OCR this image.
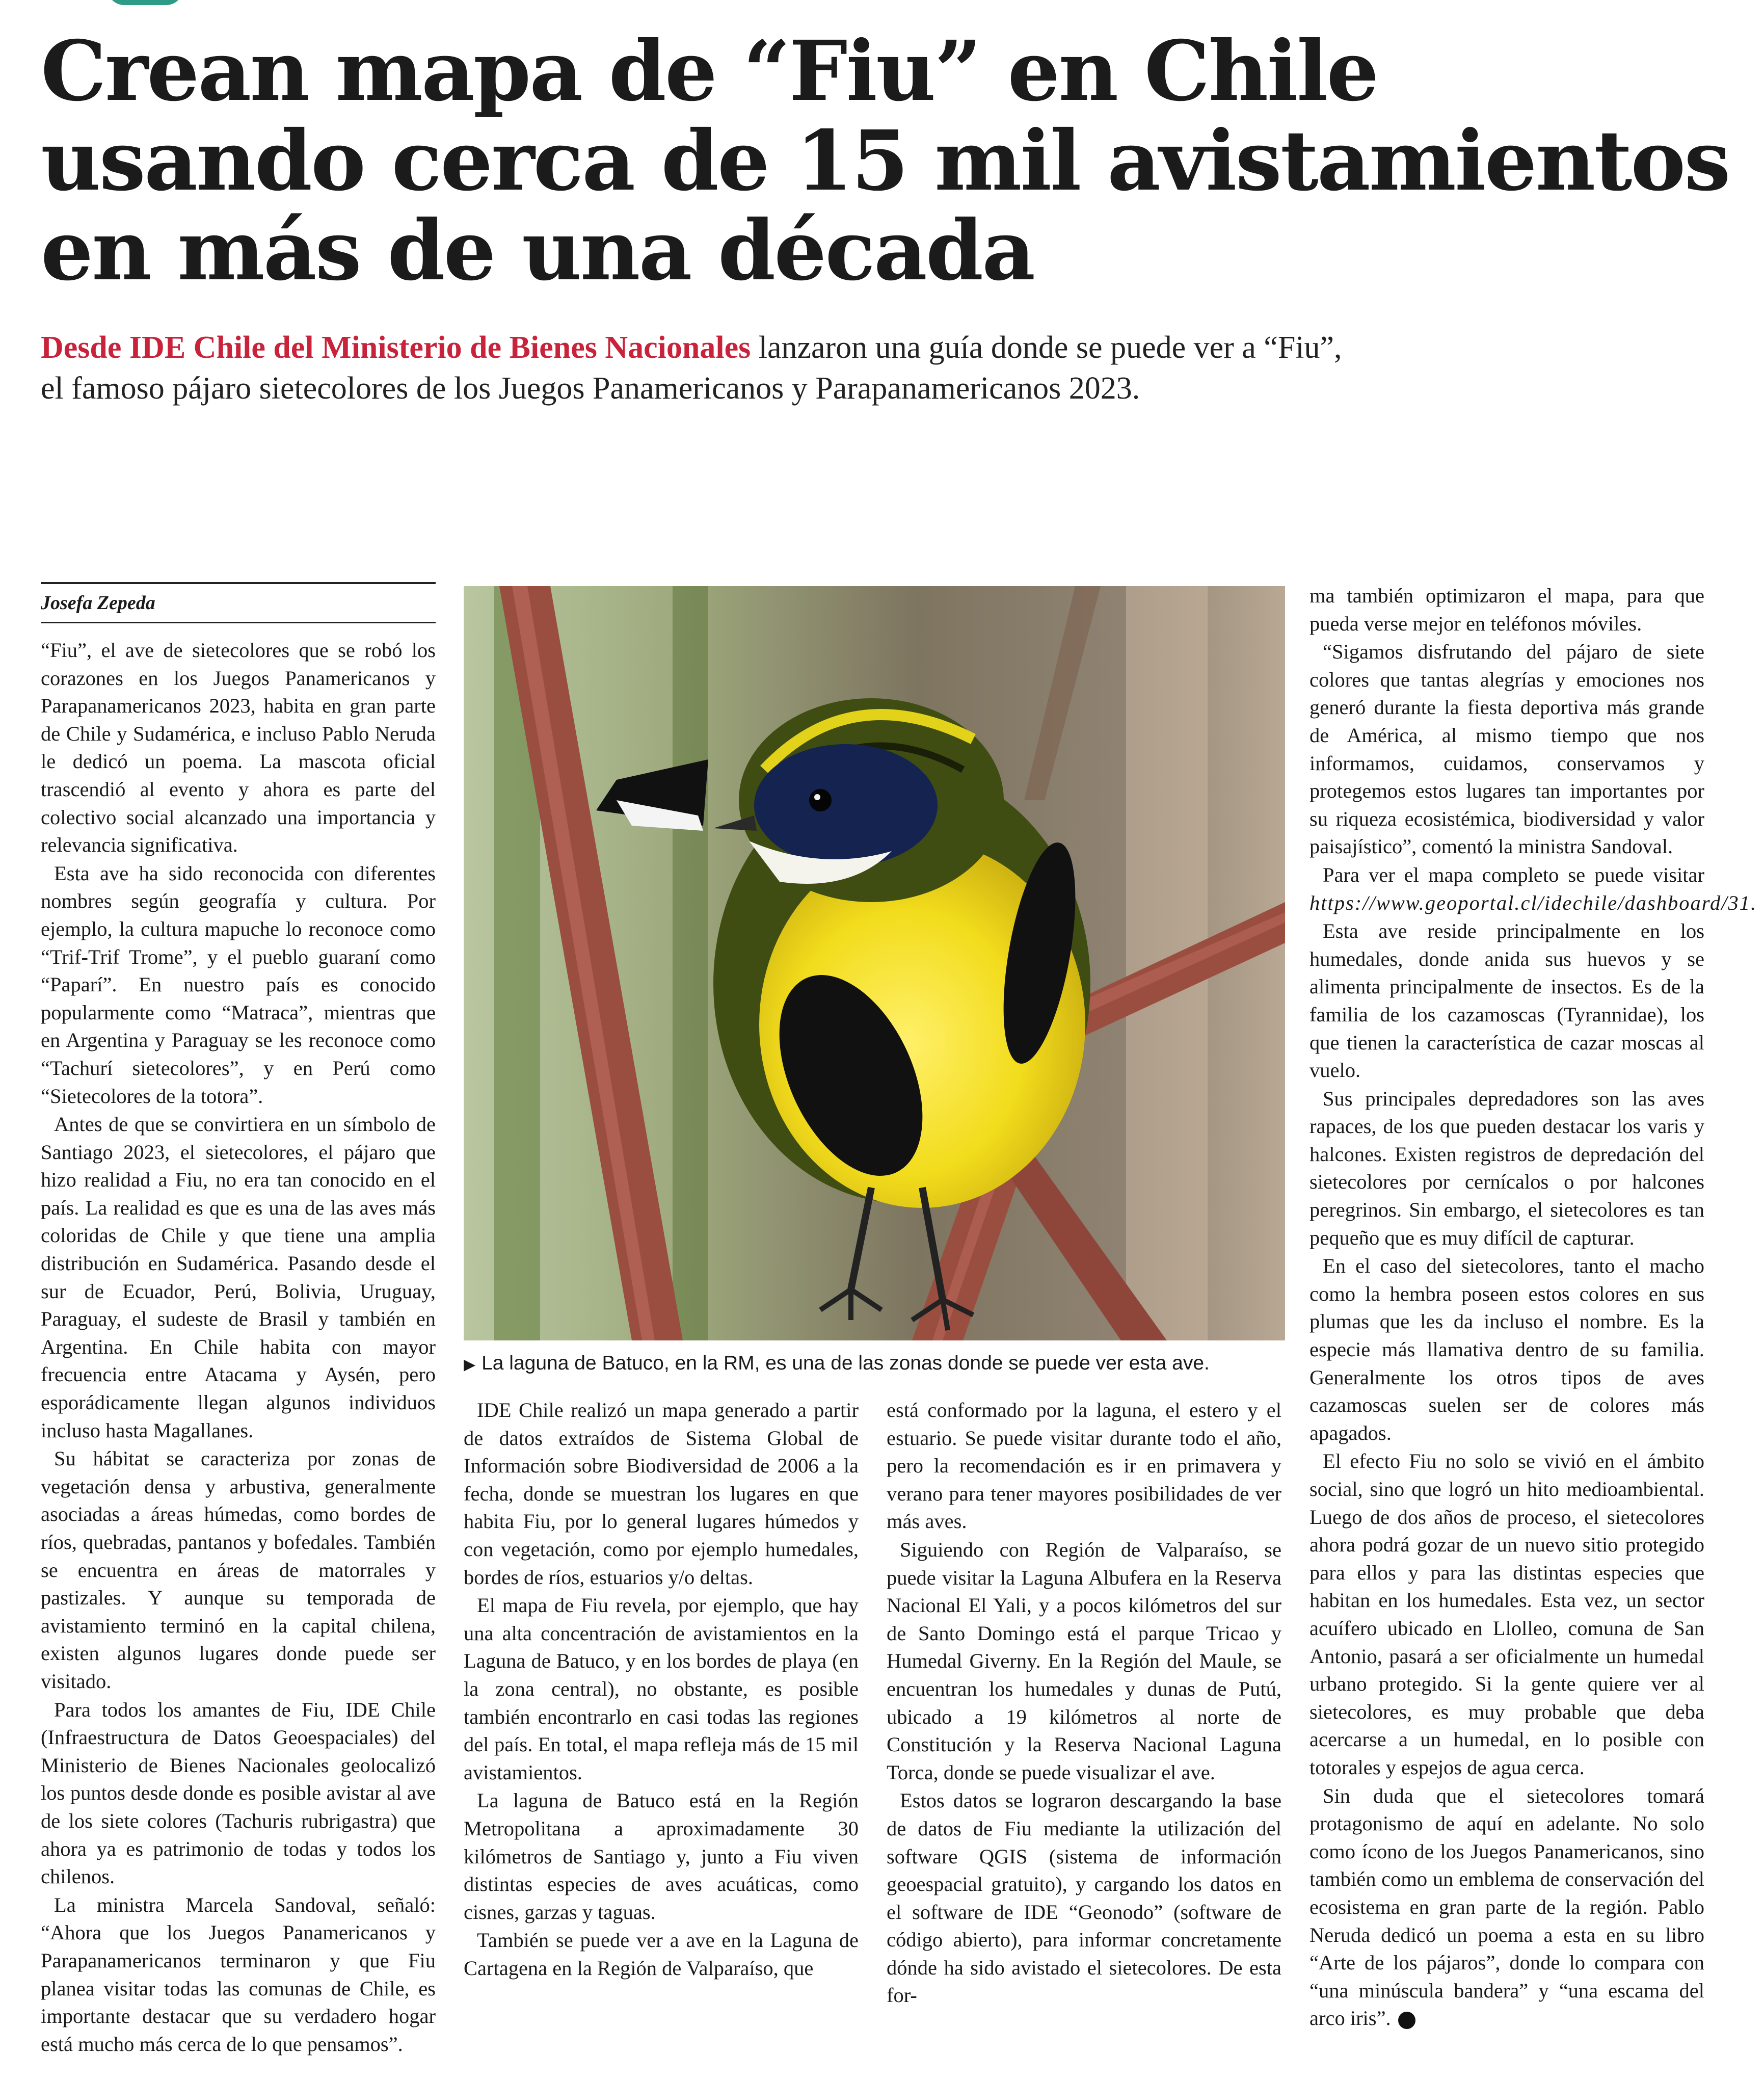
Crean mapa de “Fiu” en Chile
usando cerca de 15 mil avistamientos
en más de una década

Desde IDE Chile del Ministerio de Bienes Nacionales lanzaron una guía donde se puede ver a “Fiu”,
el famoso pájaro sietecolores de los Juegos Panamericanos y Parapanamericanos 2023.

Josefa Zepeda

“Fiu”, el ave de sietecolores que se robó los corazones en los Juegos Panamericanos y Parapanamericanos 2023, habita en gran parte de Chile y Sudamérica, e incluso Pablo Neruda le dedicó un poema. La mascota oficial trascendió al evento y ahora es parte del colectivo social alcanzado una importancia y relevancia significativa.

Esta ave ha sido reconocida con diferentes nombres según geografía y cultura. Por ejemplo, la cultura mapuche lo reconoce como “Trif-Trif Trome”, y el pueblo guaraní como “Paparí”. En nuestro país es conocido popularmente como “Matraca”, mientras que en Argentina y Paraguay se les reconoce como “Tachurí sietecolores”, y en Perú como “Sietecolores de la totora”.

Antes de que se convirtiera en un símbolo de Santiago 2023, el sietecolores, el pájaro que hizo realidad a Fiu, no era tan conocido en el país. La realidad es que es una de las aves más coloridas de Chile y que tiene una amplia distribución en Sudamérica. Pasando desde el sur de Ecuador, Perú, Bolivia, Uruguay, Paraguay, el sudeste de Brasil y también en Argentina. En Chile habita con mayor frecuencia entre Atacama y Aysén, pero esporádicamente llegan algunos individuos incluso hasta Magallanes.

Su hábitat se caracteriza por zonas de vegetación densa y arbustiva, generalmente asociadas a áreas húmedas, como bordes de ríos, quebradas, pantanos y bofedales. También se encuentra en áreas de matorrales y pastizales. Y aunque su temporada de avistamiento terminó en la capital chilena, existen algunos lugares donde puede ser visitado.

Para todos los amantes de Fiu, IDE Chile (Infraestructura de Datos Geoespaciales) del Ministerio de Bienes Nacionales geolocalizó los puntos desde donde es posible avistar al ave de los siete colores (Tachuris rubrigastra) que ahora ya es patrimonio de todas y todos los chilenos.

La ministra Marcela Sandoval, señaló: “Ahora que los Juegos Panamericanos y Parapanamericanos terminaron y que Fiu planea visitar todas las comunas de Chile, es importante destacar que su verdadero hogar está mucho más cerca de lo que pensamos”.

▶ La laguna de Batuco, en la RM, es una de las zonas donde se puede ver esta ave.

IDE Chile realizó un mapa generado a partir de datos extraídos de Sistema Global de Información sobre Biodiversidad de 2006 a la fecha, donde se muestran los lugares en que habita Fiu, por lo general lugares húmedos y con vegetación, como por ejemplo humedales, bordes de ríos, estuarios y/o deltas.

El mapa de Fiu revela, por ejemplo, que hay una alta concentración de avistamientos en la Laguna de Batuco, y en los bordes de playa (en la zona central), no obstante, es posible también encontrarlo en casi todas las regiones del país. En total, el mapa refleja más de 15 mil avistamientos.

La laguna de Batuco está en la Región Metropolitana a aproximadamente 30 kilómetros de Santiago y, junto a Fiu viven distintas especies de aves acuáticas, como cisnes, garzas y taguas.

También se puede ver a ave en la Laguna de Cartagena en la Región de Valparaíso, que

está conformado por la laguna, el estero y el estuario. Se puede visitar durante todo el año, pero la recomendación es ir en primavera y verano para tener mayores posibilidades de ver más aves.

Siguiendo con Región de Valparaíso, se puede visitar la Laguna Albufera en la Reserva Nacional El Yali, y a pocos kilómetros del sur de Santo Domingo está el parque Tricao y Humedal Giverny. En la Región del Maule, se encuentran los humedales y dunas de Putú, ubicado a 19 kilómetros al norte de Constitución y la Reserva Nacional Laguna Torca, donde se puede visualizar el ave.

Estos datos se lograron descargando la base de datos de Fiu mediante la utilización del software QGIS (sistema de información geoespacial gratuito), y cargando los datos en el software de IDE “Geonodo” (software de código abierto), para informar concretamente dónde ha sido avistado el sietecolores. De esta for-

ma también optimizaron el mapa, para que pueda verse mejor en teléfonos móviles.

“Sigamos disfrutando del pájaro de siete colores que tantas alegrías y emociones nos generó durante la fiesta deportiva más grande de América, al mismo tiempo que nos informamos, cuidamos, conservamos y protegemos estos lugares tan importantes por su riqueza ecosistémica, biodiversidad y valor paisajístico”, comentó la ministra Sandoval.

Para ver el mapa completo se puede visitar https://www.geoportal.cl/idechile/dashboard/31.

Esta ave reside principalmente en los humedales, donde anida sus huevos y se alimenta principalmente de insectos. Es de la familia de los cazamoscas (Tyrannidae), los que tienen la característica de cazar moscas al vuelo.

Sus principales depredadores son las aves rapaces, de los que pueden destacar los varis y halcones. Existen registros de depredación del sietecolores por cernícalos o por halcones peregrinos. Sin embargo, el sietecolores es tan pequeño que es muy difícil de capturar.

En el caso del sietecolores, tanto el macho como la hembra poseen estos colores en sus plumas que les da incluso el nombre. Es la especie más llamativa dentro de su familia. Generalmente los otros tipos de aves cazamoscas suelen ser de colores más apagados.

El efecto Fiu no solo se vivió en el ámbito social, sino que logró un hito medioambiental. Luego de dos años de proceso, el sietecolores ahora podrá gozar de un nuevo sitio protegido para ellos y para las distintas especies que habitan en los humedales. Esta vez, un sector acuífero ubicado en Llolleo, comuna de San Antonio, pasará a ser oficialmente un humedal urbano protegido. Si la gente quiere ver al sietecolores, es muy probable que deba acercarse a un humedal, en lo posible con totorales y espejos de agua cerca.

Sin duda que el sietecolores tomará protagonismo de aquí en adelante. No solo como ícono de los Juegos Panamericanos, sino también como un emblema de conservación del ecosistema en gran parte de la región. Pablo Neruda dedicó un poema a esta en su libro “Arte de los pájaros”, donde lo compara con “una minúscula bandera” y “una escama del arco iris”.
